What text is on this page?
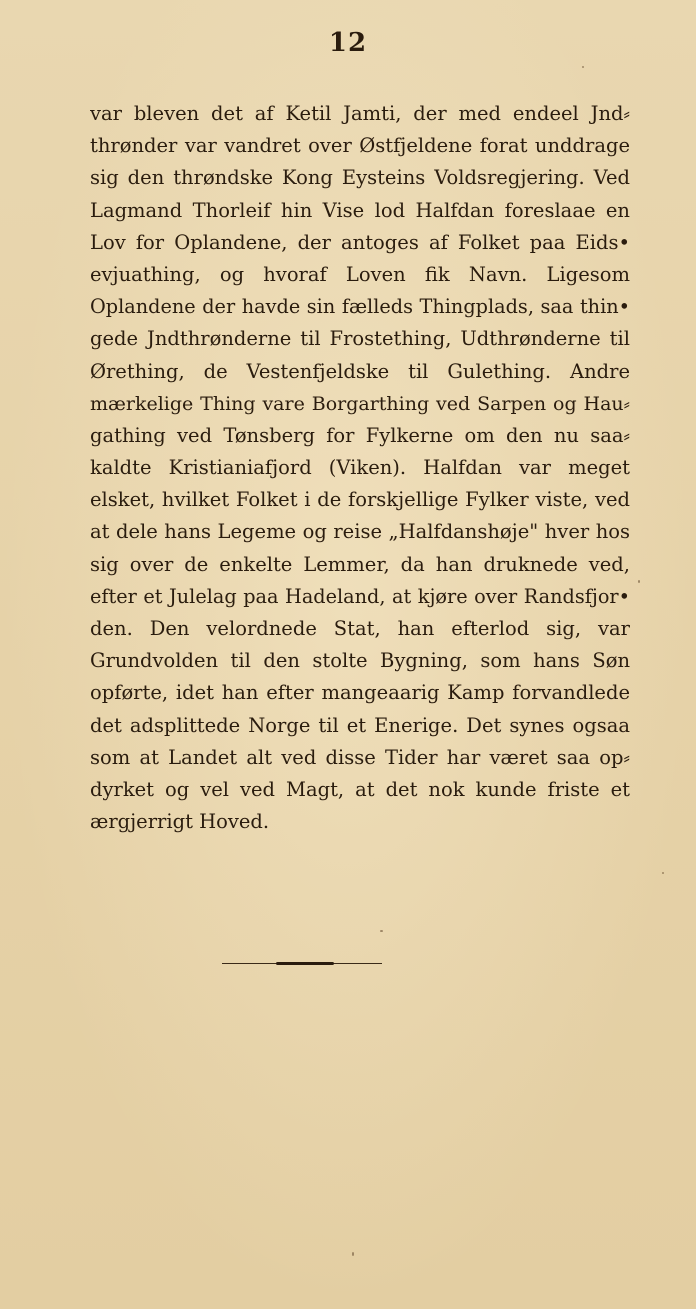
12
var bleven det af Ketil Jamti, der med endeel Jnd⸗
thrønder var vandret over Østfjeldene forat unddrage
sig den thrøndske Kong Eysteins Voldsregjering. Ved
Lagmand Thorleif hin Vise lod Halfdan foreslaae en
Lov for Oplandene, der antoges af Folket paa Eids•
evjuathing, og hvoraf Loven fik Navn. Ligesom
Oplandene der havde sin fælleds Thingplads, saa thin•
gede Jndthrønderne til Frostething, Udthrønderne til
Ørething, de Vestenfjeldske til Gulething. Andre
mærkelige Thing vare Borgarthing ved Sarpen og Hau⸗
gathing ved Tønsberg for Fylkerne om den nu saa⸗
kaldte Kristianiafjord (Viken). Halfdan var meget
elsket, hvilket Folket i de forskjellige Fylker viste, ved
at dele hans Legeme og reise „Halfdanshøje" hver hos
sig over de enkelte Lemmer, da han druknede ved,
efter et Julelag paa Hadeland, at kjøre over Randsfjor•
den. Den velordnede Stat, han efterlod sig, var
Grundvolden til den stolte Bygning, som hans Søn
opførte, idet han efter mangeaarig Kamp forvandlede
det adsplittede Norge til et Enerige. Det synes ogsaa
som at Landet alt ved disse Tider har været saa op⸗
dyrket og vel ved Magt, at det nok kunde friste et
ærgjerrigt Hoved.
